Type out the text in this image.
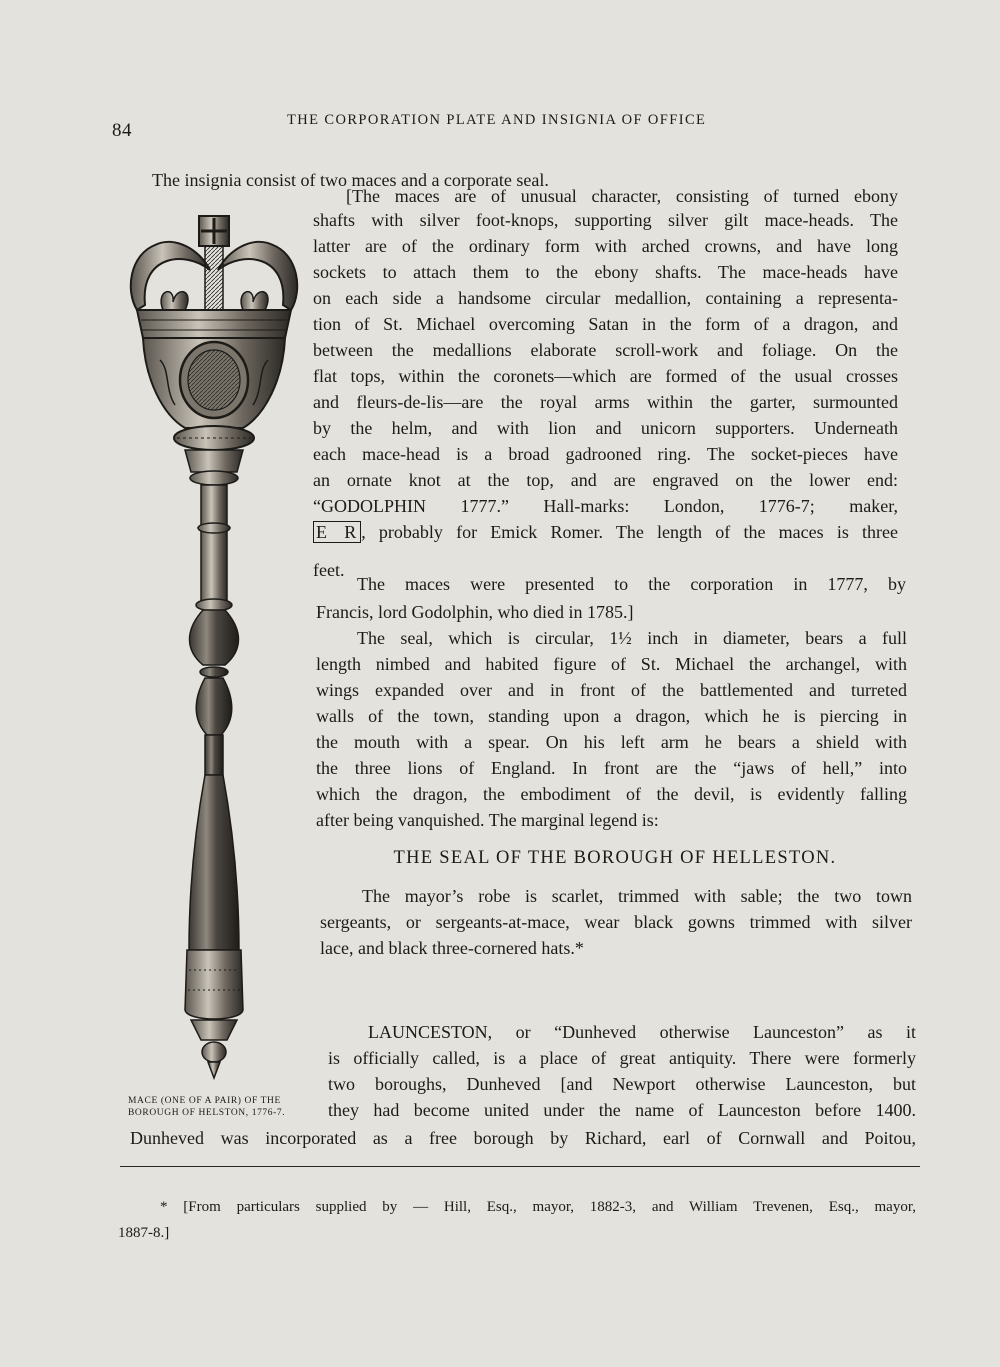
84	THE CORPORATION PLATE AND INSIGNIA OF OFFICE
MACE (ONE OF A PAIR) OF THE
BOROUGH OF HELSTON, 1776-7.
The insignia consist of two maces and a corporate seal.
[The maces are of unusual character, consisting of turned ebony
shafts with silver foot-knops, supporting silver gilt mace-heads. The
latter are of the ordinary form with arched crowns, and have long
sockets to attach them to the ebony shafts. The mace-heads have
on each side a handsome circular medallion, containing a representa-
tion of St. Michael overcoming Satan in the form of a dragon, and
between the medallions elaborate scroll-work and foliage. On the
flat tops, within the coronets—which are formed of the usual crosses
and fleurs-de-lis—are the royal arms within the garter, surmounted
by the helm, and with lion and unicorn supporters. Underneath
each mace-head is a broad gadrooned ring. The socket-pieces have
an ornate knot at the top, and are engraved on the lower end:
“GODOLPHIN 1777.” Hall-marks: London, 1776-7; maker,
E R , probably for Emick Romer. The length of the maces is three
feet.
The maces were presented to the corporation in 1777, by
Francis, lord Godolphin, who died in 1785.]
The seal, which is circular, 1½ inch in diameter, bears a full
length nimbed and habited figure of St. Michael the archangel, with
wings expanded over and in front of the battlemented and turreted
walls of the town, standing upon a dragon, which he is piercing in
the mouth with a spear. On his left arm he bears a shield with
the three lions of England. In front are the “jaws of hell,” into
which the dragon, the embodiment of the devil, is evidently falling
after being vanquished. The marginal legend is:
THE SEAL OF THE BOROUGH OF HELLESTON.
The mayor’s robe is scarlet, trimmed with sable; the two town
sergeants, or sergeants-at-mace, wear black gowns trimmed with silver
lace, and black three-cornered hats.*
LAUNCESTON, or “Dunheved otherwise Launceston” as it
is officially called, is a place of great antiquity. There were formerly
two boroughs, Dunheved [and Newport otherwise Launceston, but
they had become united under the name of Launceston before 1400.
Dunheved was incorporated as a free borough by Richard, earl of Cornwall and Poitou,
* [From particulars supplied by — Hill, Esq., mayor, 1882-3, and William Trevenen, Esq., mayor,
1887-8.]
